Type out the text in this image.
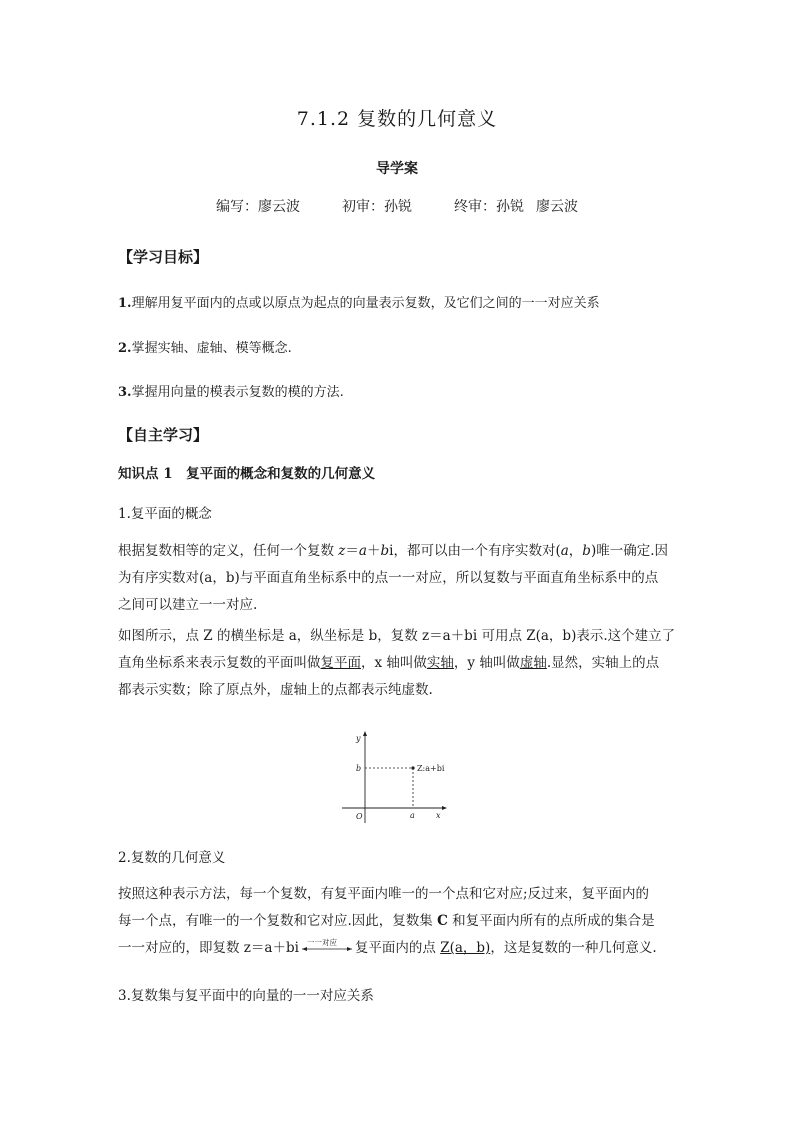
7.1.2 复数的几何意义
导学案
编写：廖云波	初审：孙锐	终审：孙锐 廖云波
【学习目标】
1.理解用复平面内的点或以原点为起点的向量表示复数，及它们之间的一一对应关系
2.掌握实轴、虚轴、模等概念.
3.掌握用向量的模表示复数的模的方法.
【自主学习】
知识点 1　复平面的概念和复数的几何意义
1.复平面的概念
根据复数相等的定义，任何一个复数 z＝a＋bi，都可以由一个有序实数对(a，b)唯一确定.因
为有序实数对(a，b)与平面直角坐标系中的点一一对应，所以复数与平面直角坐标系中的点
之间可以建立一一对应.
如图所示，点 Z 的横坐标是 a，纵坐标是 b，复数 z＝a＋bi 可用点 Z(a，b)表示.这个建立了
直角坐标系来表示复数的平面叫做复平面，x 轴叫做实轴，y 轴叫做虚轴.显然，实轴上的点
都表示实数；除了原点外，虚轴上的点都表示纯虚数.
y
x
O
b
a
Z:a+bi
2.复数的几何意义
按照这种表示方法，每一个复数，有复平面内唯一的一个点和它对应;反过来，复平面内的
每一个点，有唯一的一个复数和它对应.因此，复数集 C 和复平面内所有的点所成的集合是
一一对应的，即复数 z＝a＋bi 一一对应 复平面内的点 Z(a，b)，这是复数的一种几何意义.
3.复数集与复平面中的向量的一一对应关系
